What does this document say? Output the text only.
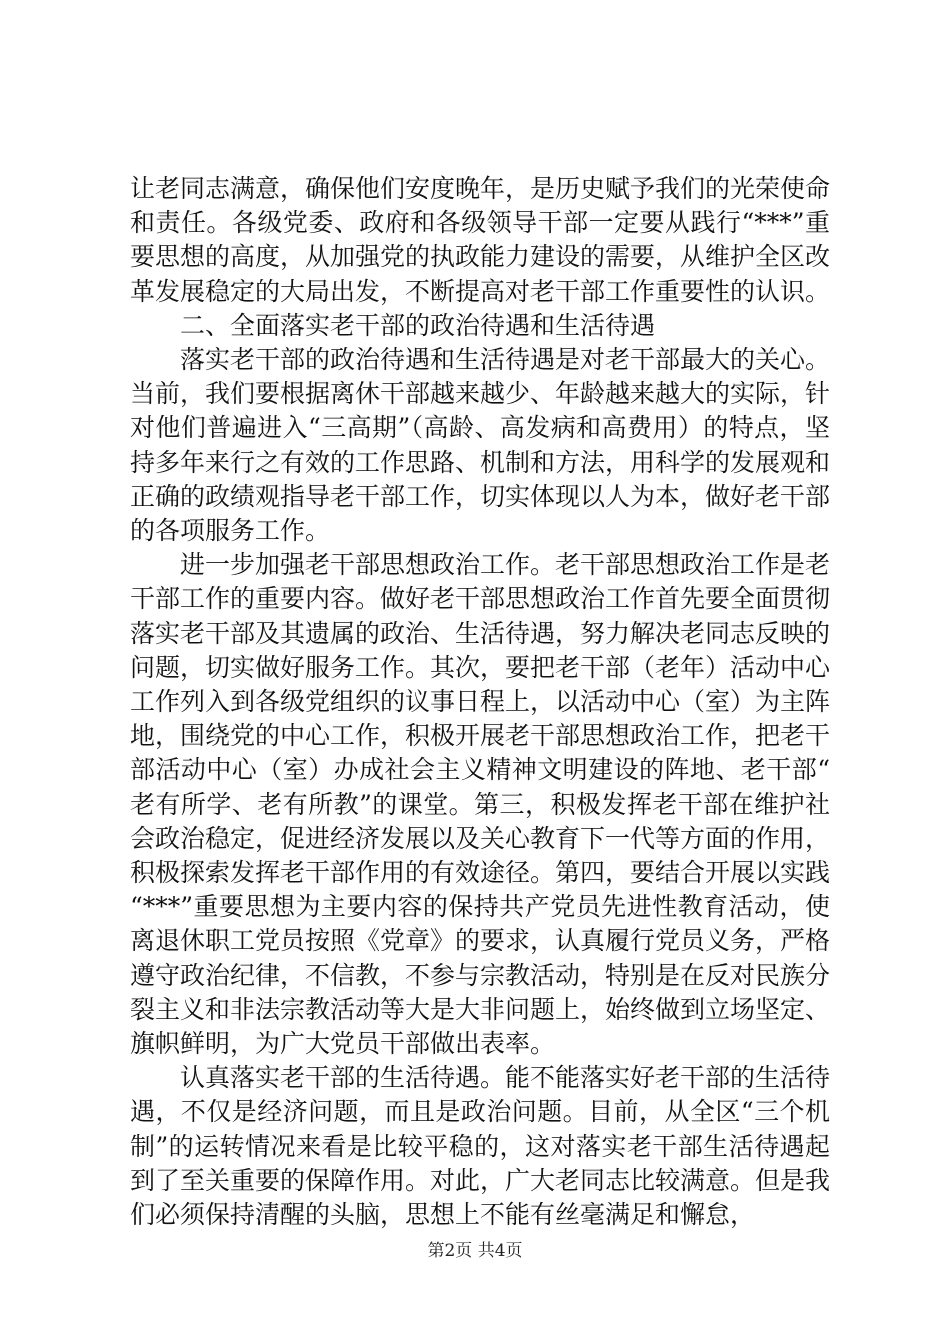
让老同志满意，确保他们安度晚年，是历史赋予我们的光荣使命和责任。各级党委、政府和各级领导干部一定要从践行“***”重要思想的高度，从加强党的执政能力建设的需要，从维护全区改革发展稳定的大局出发，不断提高对老干部工作重要性的认识。

二、全面落实老干部的政治待遇和生活待遇

落实老干部的政治待遇和生活待遇是对老干部最大的关心。当前，我们要根据离休干部越来越少、年龄越来越大的实际，针对他们普遍进入“三高期”（高龄、高发病和高费用）的特点，坚持多年来行之有效的工作思路、机制和方法，用科学的发展观和正确的政绩观指导老干部工作，切实体现以人为本，做好老干部的各项服务工作。

进一步加强老干部思想政治工作。老干部思想政治工作是老干部工作的重要内容。做好老干部思想政治工作首先要全面贯彻落实老干部及其遗属的政治、生活待遇，努力解决老同志反映的问题，切实做好服务工作。其次，要把老干部（老年）活动中心工作列入到各级党组织的议事日程上，以活动中心（室）为主阵地，围绕党的中心工作，积极开展老干部思想政治工作，把老干部活动中心（室）办成社会主义精神文明建设的阵地、老干部“老有所学、老有所教”的课堂。第三，积极发挥老干部在维护社会政治稳定，促进经济发展以及关心教育下一代等方面的作用，积极探索发挥老干部作用的有效途径。第四，要结合开展以实践“***”重要思想为主要内容的保持共产党员先进性教育活动，使离退休职工党员按照《党章》的要求，认真履行党员义务，严格遵守政治纪律，不信教，不参与宗教活动，特别是在反对民族分裂主义和非法宗教活动等大是大非问题上，始终做到立场坚定、旗帜鲜明，为广大党员干部做出表率。

认真落实老干部的生活待遇。能不能落实好老干部的生活待遇，不仅是经济问题，而且是政治问题。目前，从全区“三个机制”的运转情况来看是比较平稳的，这对落实老干部生活待遇起到了至关重要的保障作用。对此，广大老同志比较满意。但是我们必须保持清醒的头脑，思想上不能有丝毫满足和懈怠，

第2页 共4页
